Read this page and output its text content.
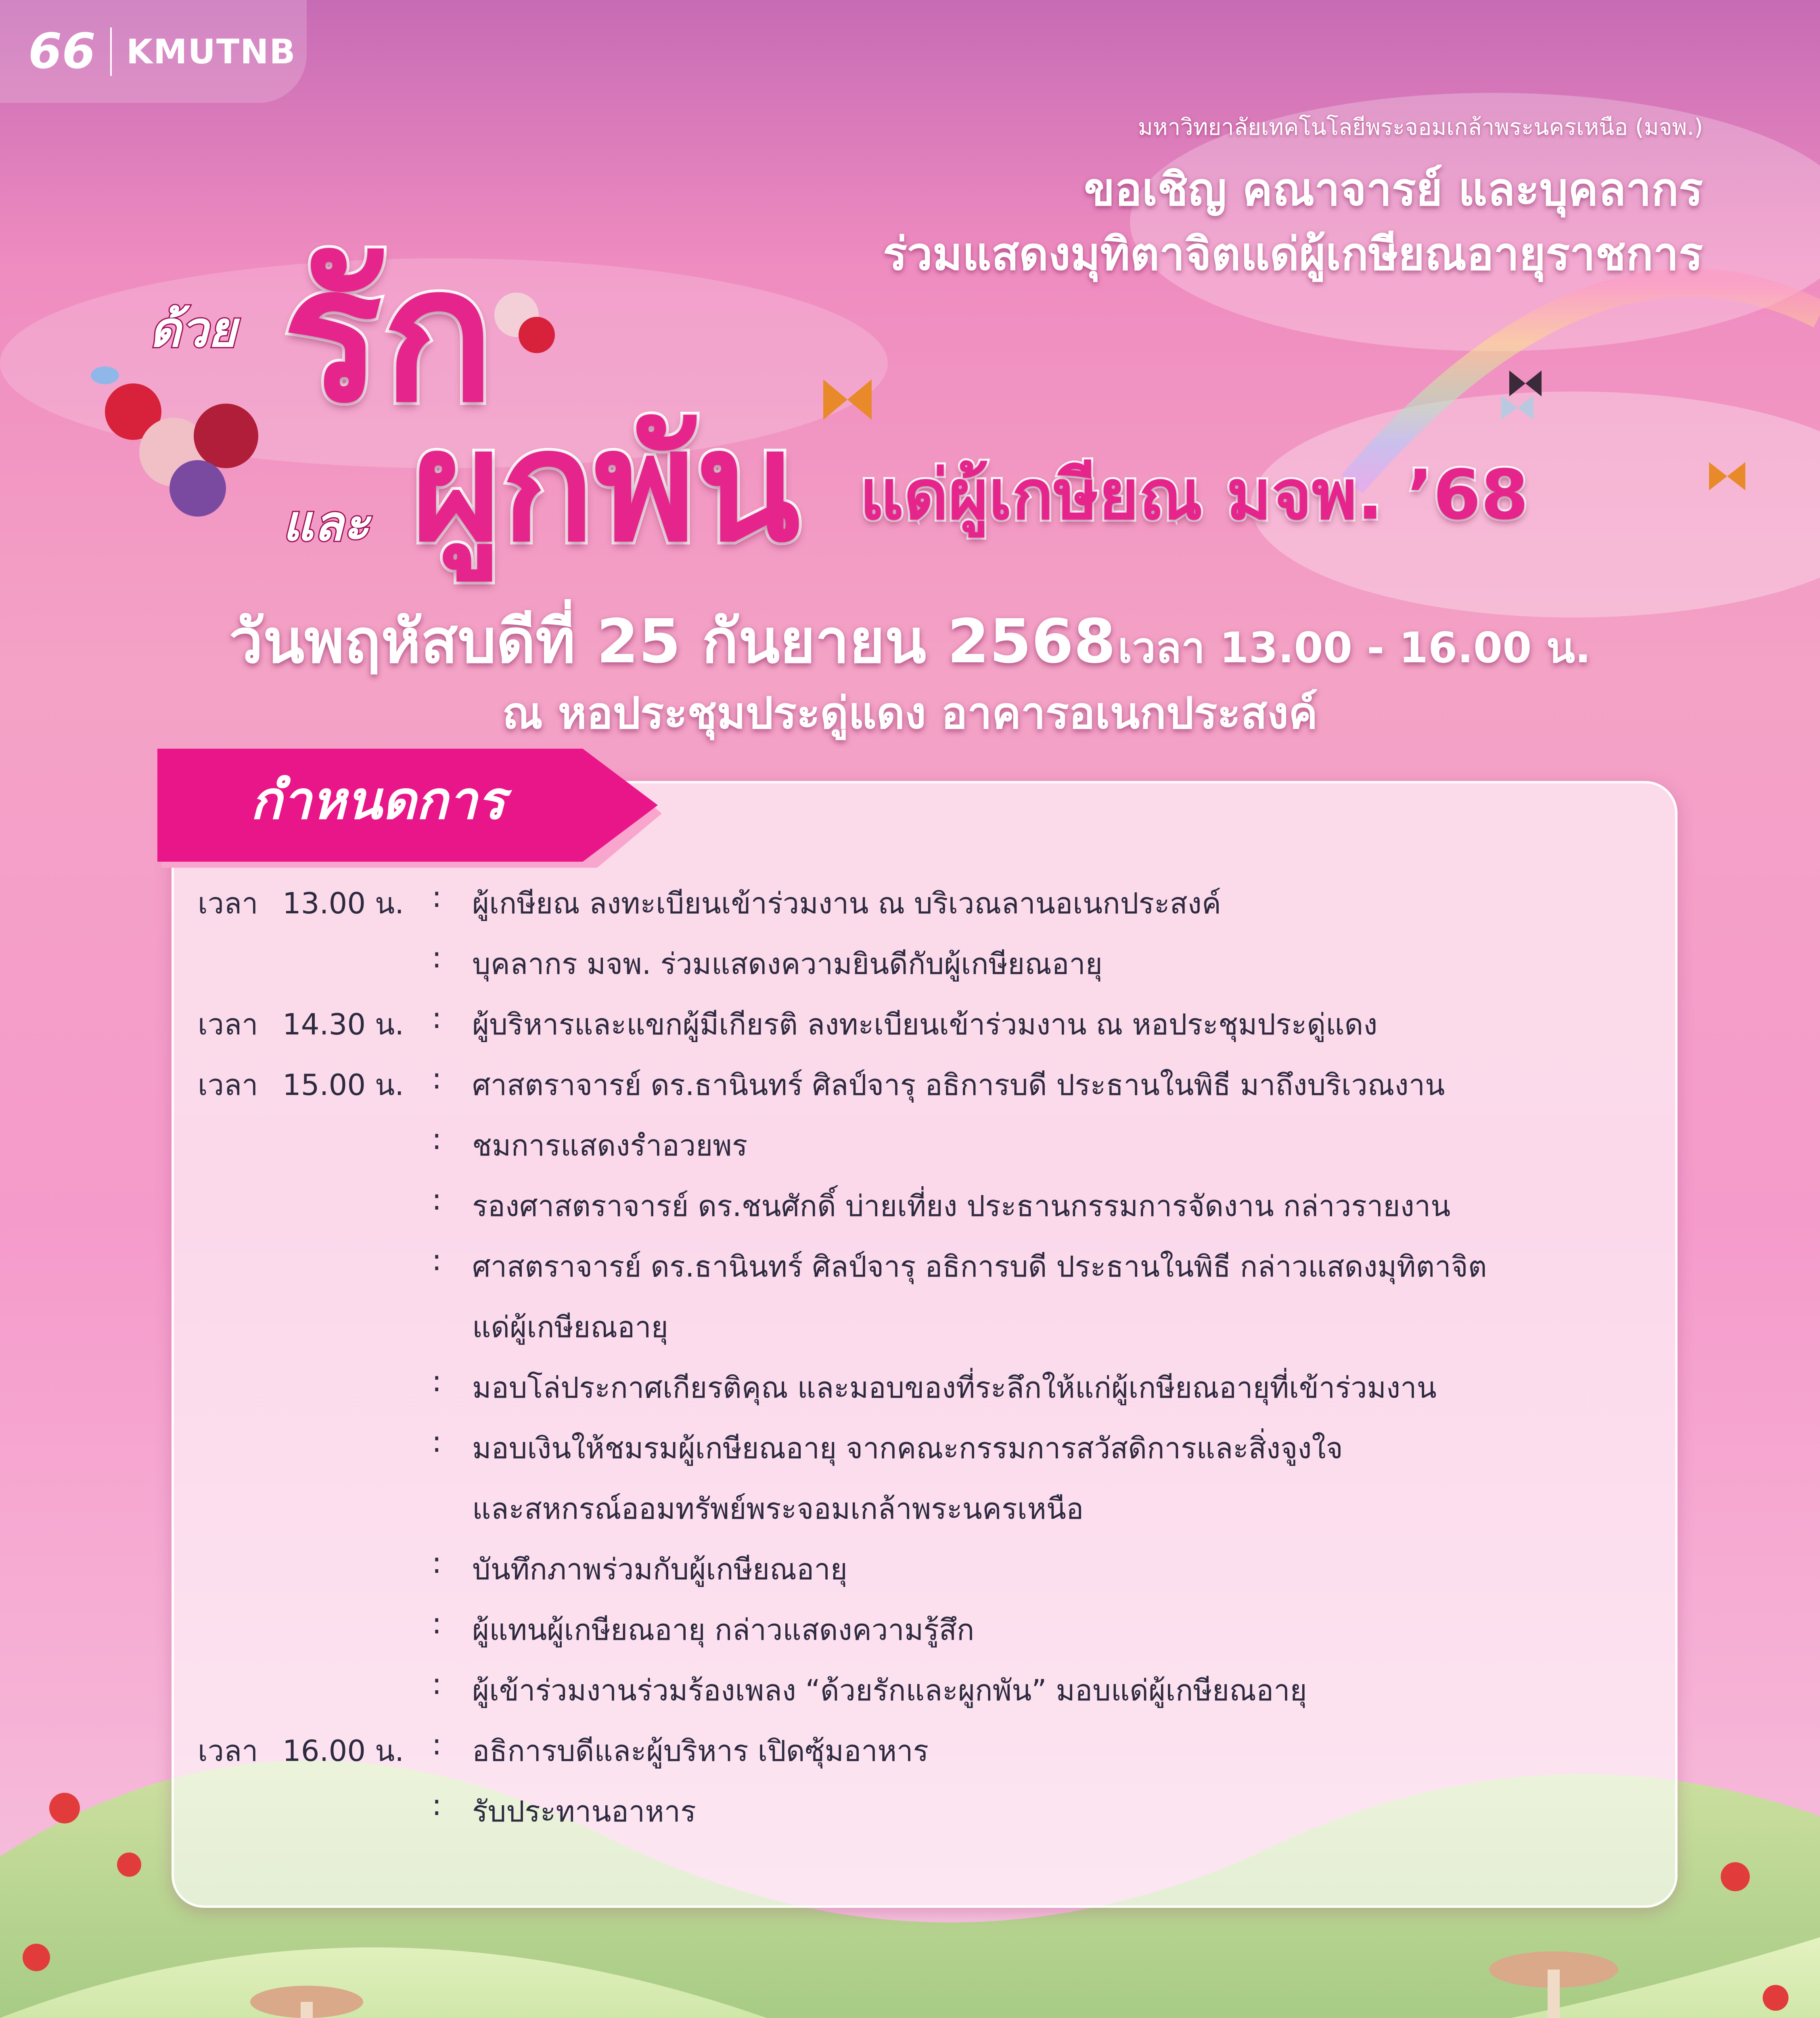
66 KMUTNB
มหาวิทยาลัยเทคโนโลยีพระจอมเกล้าพระนครเหนือ (มจพ.)
ขอเชิญ คณาจารย์ และบุคลากร
ร่วมแสดงมุทิตาจิตแด่ผู้เกษียณอายุราชการ
ด้วย รัก
และ ผูกพัน แด่ผู้เกษียณ มจพ. ’68
วันพฤหัสบดีที่ 25 กันยายน 2568 เวลา 13.00 - 16.00 น.
ณ หอประชุมประดู่แดง อาคารอเนกประสงค์
กำหนดการ
เวลา 13.00 น. : ผู้เกษียณ ลงทะเบียนเข้าร่วมงาน ณ บริเวณลานอเนกประสงค์
: บุคลากร มจพ. ร่วมแสดงความยินดีกับผู้เกษียณอายุ
เวลา 14.30 น. : ผู้บริหารและแขกผู้มีเกียรติ ลงทะเบียนเข้าร่วมงาน ณ หอประชุมประดู่แดง
เวลา 15.00 น. : ศาสตราจารย์ ดร.ธานินทร์ ศิลป์จารุ อธิการบดี ประธานในพิธี มาถึงบริเวณงาน
: ชมการแสดงรำอวยพร
: รองศาสตราจารย์ ดร.ชนศักดิ์ บ่ายเที่ยง ประธานกรรมการจัดงาน กล่าวรายงาน
: ศาสตราจารย์ ดร.ธานินทร์ ศิลป์จารุ อธิการบดี ประธานในพิธี กล่าวแสดงมุทิตาจิต
แด่ผู้เกษียณอายุ
: มอบโล่ประกาศเกียรติคุณ และมอบของที่ระลึกให้แก่ผู้เกษียณอายุที่เข้าร่วมงาน
: มอบเงินให้ชมรมผู้เกษียณอายุ จากคณะกรรมการสวัสดิการและสิ่งจูงใจ
และสหกรณ์ออมทรัพย์พระจอมเกล้าพระนครเหนือ
: บันทึกภาพร่วมกับผู้เกษียณอายุ
: ผู้แทนผู้เกษียณอายุ กล่าวแสดงความรู้สึก
: ผู้เข้าร่วมงานร่วมร้องเพลง “ด้วยรักและผูกพัน” มอบแด่ผู้เกษียณอายุ
เวลา 16.00 น. : อธิการบดีและผู้บริหาร เปิดซุ้มอาหาร
: รับประทานอาหาร
